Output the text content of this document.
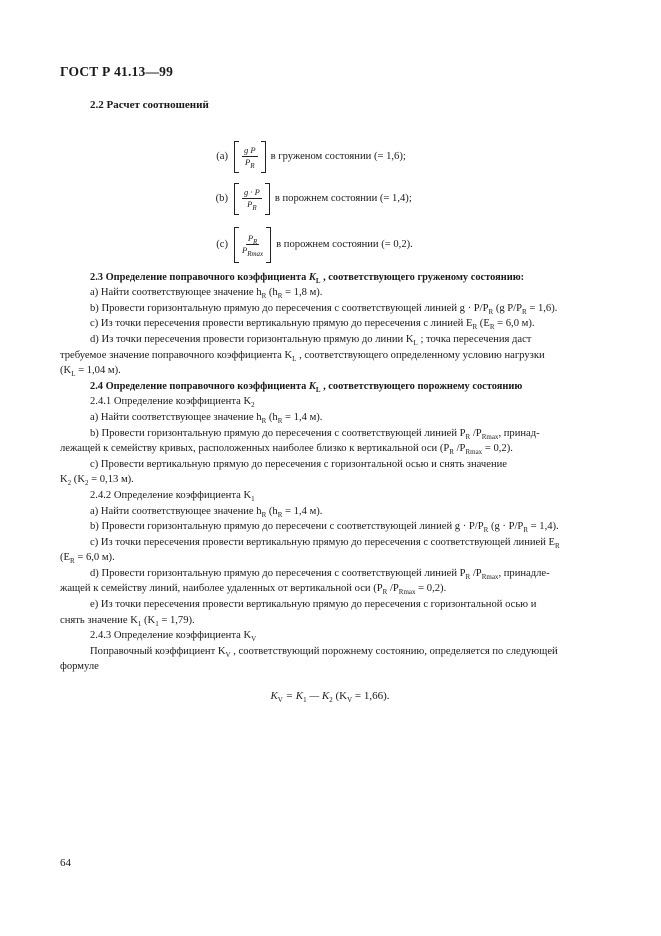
ГОСТ Р 41.13—99
2.2 Расчет соотношений
$(a) \frac{\text{g P}}{P_R}$ в груженом состоянии (= 1,6);
$(b) \frac{g \cdot P}{P_R}$ в порожнем состоянии (= 1,4);
$(c) \frac{P_R}{P_{Rmax}}$ в порожнем состоянии (= 0,2).
2.3 Определение поправочного коэффициента $K_L$ , соответствующего груженому состоянию:
а) Найти соответствующее значение $h_R$ ($h_R = 1,8$ м).
b) Провести горизонтальную прямую до пересечения с соответствующей линией $g \cdot P/P_R$ (g $P/P_R = 1,6$).
c) Из точки пересечения провести вертикальную прямую до пересечения с линией $E_R$ ($E_R = 6,0$ м).
d) Из точки пересечения провести горизонтальную прямую до линии $K_L$ ; точка пересечения даст
требуемое значение поправочного коэффициента $K_L$ , соответствующего определенному условию нагрузки
($K_L = 1,04$ м).
2.4 Определение поправочного коэффициента $K_L$ , соответствующего порожнему состоянию
2.4.1 Определение коэффициента $K_2$
а) Найти соответствующее значение $h_R$ ($h_R = 1,4$ м).
b) Провести горизонтальную прямую до пересечения с соответствующей линией $P_R$ $/P_{Rmax}$, принад-
лежащей к семейству кривых, расположенных наиболее близко к вертикальной оси ($P_R$ $/P_{Rmax} = 0,2$).
c) Провести вертикальную прямую до пересечения с горизонтальной осью и снять значение
$K_2$ ($K_2 = 0,13$ м).
2.4.2 Определение коэффициента $K_1$
а) Найти соответствующее значение $h_R$ ($h_R = 1,4$ м).
b) Провести горизонтальную прямую до пересечени с соответствующей линией $g \cdot P/P_R$ $(g \cdot P/P_R = 1,4)$.
c) Из точки пересечения провести вертикальную прямую до пересечения с соответствующей линией $E_R$
($E_R = 6,0$ м).
d) Провести горизонтальную прямую до пересечения с соответствующей линией $P_R$ $/P_{Rmax}$, принадле-
жащей к семейству линий, наиболее удаленных от вертикальной оси ($P_R$ $/P_{Rmax} = 0,2$).
e) Из точки пересечения провести вертикальную прямую до пересечения с горизонтальной осью и
снять значение $K_1$ $(K_1 = 1,79)$.
2.4.3 Определение коэффициента $K_V$
Поправочный коэффициент $K_V$ , соответствующий порожнему состоянию, определяется по следующей
формуле
$K_V = K_1$ — $K_2$ $(K_V = 1,66)$.
64
